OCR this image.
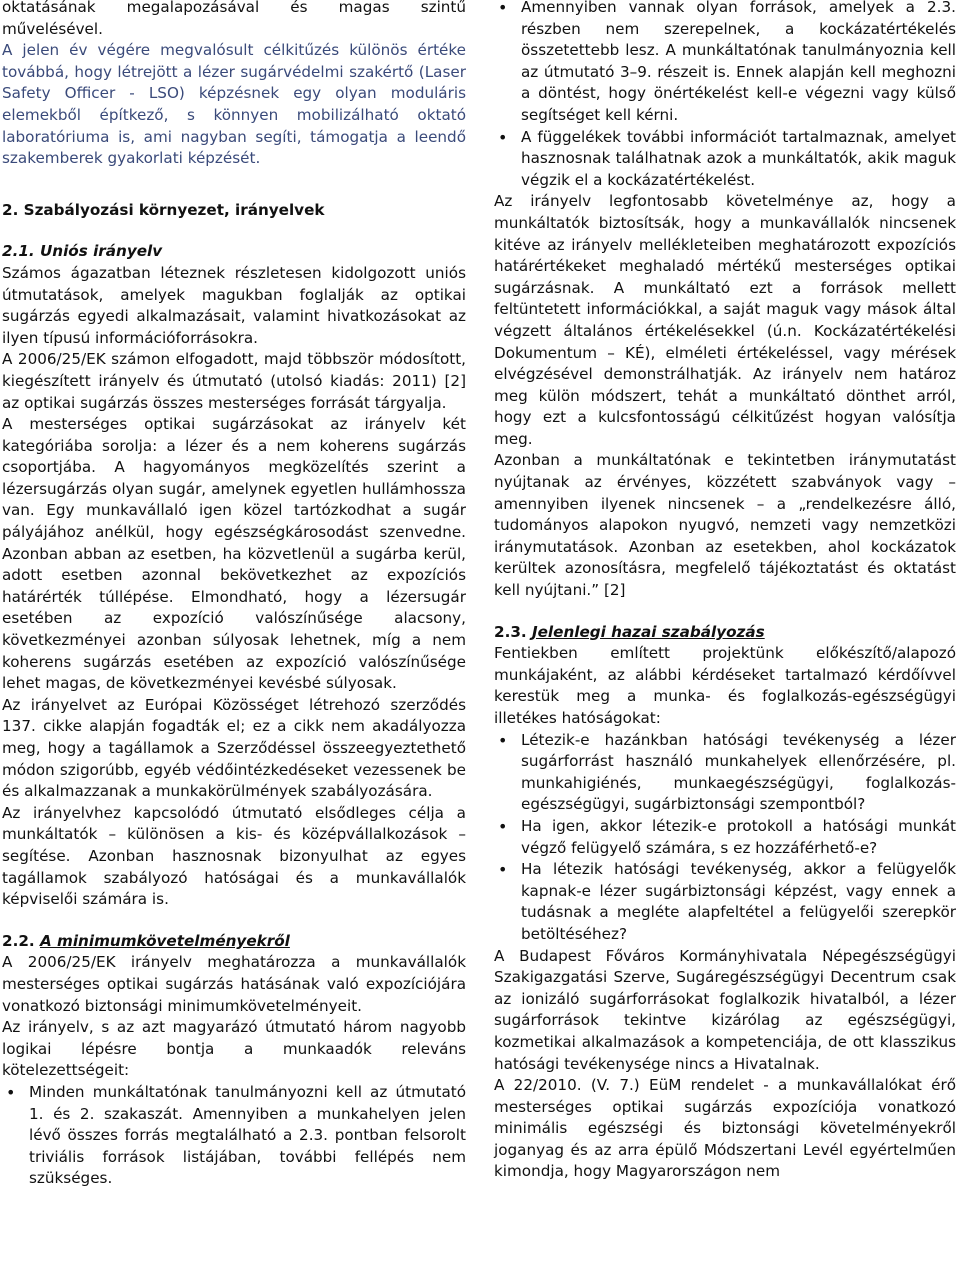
oktatásának megalapozásával és magas szintű művelésével.

A jelen év végére megvalósult célkitűzés különös értéke továbbá, hogy létrejött a lézer sugárvédelmi szakértő (Laser Safety Officer - LSO) képzésnek egy olyan moduláris elemekből építkező, s könnyen mobilizálható oktató laboratóriuma is, ami nagyban segíti, támogatja a leendő szakemberek gyakorlati képzését.

2. Szabályozási környezet, irányelvek
2.1. Uniós irányelv

Számos ágazatban léteznek részletesen kidolgozott uniós útmutatások, amelyek magukban foglalják az optikai sugárzás egyedi alkalmazásait, valamint hivatkozásokat az ilyen típusú információforrásokra.

A 2006/25/EK számon elfogadott, majd többször módosított, kiegészített irányelv és útmutató (utolsó kiadás: 2011) [2] az optikai sugárzás összes mesterséges forrását tárgyalja.

A mesterséges optikai sugárzásokat az irányelv két kategóriába sorolja: a lézer és a nem koherens sugárzás csoportjába. A hagyományos megközelítés szerint a lézersugárzás olyan sugár, amelynek egyetlen hullámhossza van. Egy munkavállaló igen közel tartózkodhat a sugár pályájához anélkül, hogy egészségkárosodást szenvedne. Azonban abban az esetben, ha közvetlenül a sugárba kerül, adott esetben azonnal bekövetkezhet az expozíciós határérték túllépése. Elmondható, hogy a lézersugár esetében az expozíció valószínűsége alacsony, következményei azonban súlyosak lehetnek, míg a nem koherens sugárzás esetében az expozíció valószínűsége lehet magas, de következményei kevésbé súlyosak.

Az irányelvet az Európai Közösséget létrehozó szerződés 137. cikke alapján fogadták el; ez a cikk nem akadályozza meg, hogy a tagállamok a Szerződéssel összeegyeztethető módon szigorúbb, egyéb védőintézkedéseket vezessenek be és alkalmazzanak a munkakörülmények szabályozására.

Az irányelvhez kapcsolódó útmutató elsődleges célja a munkáltatók – különösen a kis- és középvállalkozások – segítése. Azonban hasznosnak bizonyulhat az egyes tagállamok szabályozó hatóságai és a munkavállalók képviselői számára is.

2.2. A minimumkövetelményekről

A 2006/25/EK irányelv meghatározza a munkavállalók mesterséges optikai sugárzás hatásának való expozíciójára vonatkozó biztonsági minimumkövetelményeit.

Az irányelv, s az azt magyarázó útmutató három nagyobb logikai lépésre bontja a munkaadók releváns kötelezettségeit:

• Minden munkáltatónak tanulmányozni kell az útmutató 1. és 2. szakaszát. Amennyiben a munkahelyen jelen lévő összes forrás megtalálható a 2.3. pontban felsorolt triviális források listájában, további fellépés nem szükséges.
• Amennyiben vannak olyan források, amelyek a 2.3. részben nem szerepelnek, a kockázatértékelés összetettebb lesz. A munkáltatónak tanulmányoznia kell az útmutató 3–9. részeit is. Ennek alapján kell meghozni a döntést, hogy önértékelést kell‑e végezni vagy külső segítséget kell kérni.
• A függelékek további információt tartalmaznak, amelyet hasznosnak találhatnak azok a munkáltatók, akik maguk végzik el a kockázatértékelést.

Az irányelv legfontosabb követelménye az, hogy a munkáltatók biztosítsák, hogy a munkavállalók nincsenek kitéve az irányelv mellékleteiben meghatározott expozíciós határértékeket meghaladó mértékű mesterséges optikai sugárzásnak. A munkáltató ezt a források mellett feltüntetett információkkal, a saját maguk vagy mások által végzett általános értékelésekkel (ú.n. Kockázatértékelési Dokumentum – KÉ), elméleti értékeléssel, vagy mérések elvégzésével demonstrálhatják. Az irányelv nem határoz meg külön módszert, tehát a munkáltató dönthet arról, hogy ezt a kulcsfontosságú célkitűzést hogyan valósítja meg.

Azonban a munkáltatónak e tekintetben iránymutatást nyújtanak az érvényes, közzétett szabványok vagy – amennyiben ilyenek nincsenek – a „rendelkezésre álló, tudományos alapokon nyugvó, nemzeti vagy nemzetközi iránymutatások. Azonban az esetekben, ahol kockázatok kerültek azonosításra, megfelelő tájékoztatást és oktatást kell nyújtani.” [2]

2.3. Jelenlegi hazai szabályozás

Fentiekben említett projektünk előkészítő/alapozó munkájaként, az alábbi kérdéseket tartalmazó kérdőívvel kerestük meg a munka- és foglalkozás-egészségügyi illetékes hatóságokat:

• Létezik-e hazánkban hatósági tevékenység a lézer sugárforrást használó munkahelyek ellenőrzésére, pl. munkahigiénés, munkaegészségügyi, foglalkozás-egészségügyi, sugárbiztonsági szempontból?
• Ha igen, akkor létezik-e protokoll a hatósági munkát végző felügyelő számára, s ez hozzáférhető-e?
• Ha létezik hatósági tevékenység, akkor a felügyelők kapnak-e lézer sugárbiztonsági képzést, vagy ennek a tudásnak a megléte alapfeltétel a felügyelői szerepkör betöltéséhez?

A Budapest Főváros Kormányhivatala Népegészségügyi Szakigazgatási Szerve, Sugáregészségügyi Decentrum csak az ionizáló sugárforrásokat foglalkozik hivatalból, a lézer sugárforrások tekintve kizárólag az egészségügyi, kozmetikai alkalmazások a kompetenciája, de ott klasszikus hatósági tevékenysége nincs a Hivatalnak.

A 22/2010. (V. 7.) EüM rendelet - a munkavállalókat érő mesterséges optikai sugárzás expozíciója vonatkozó minimális egészségi és biztonsági követelményekről joganyag és az arra épülő Módszertani Levél egyértelműen kimondja, hogy Magyarországon nem
